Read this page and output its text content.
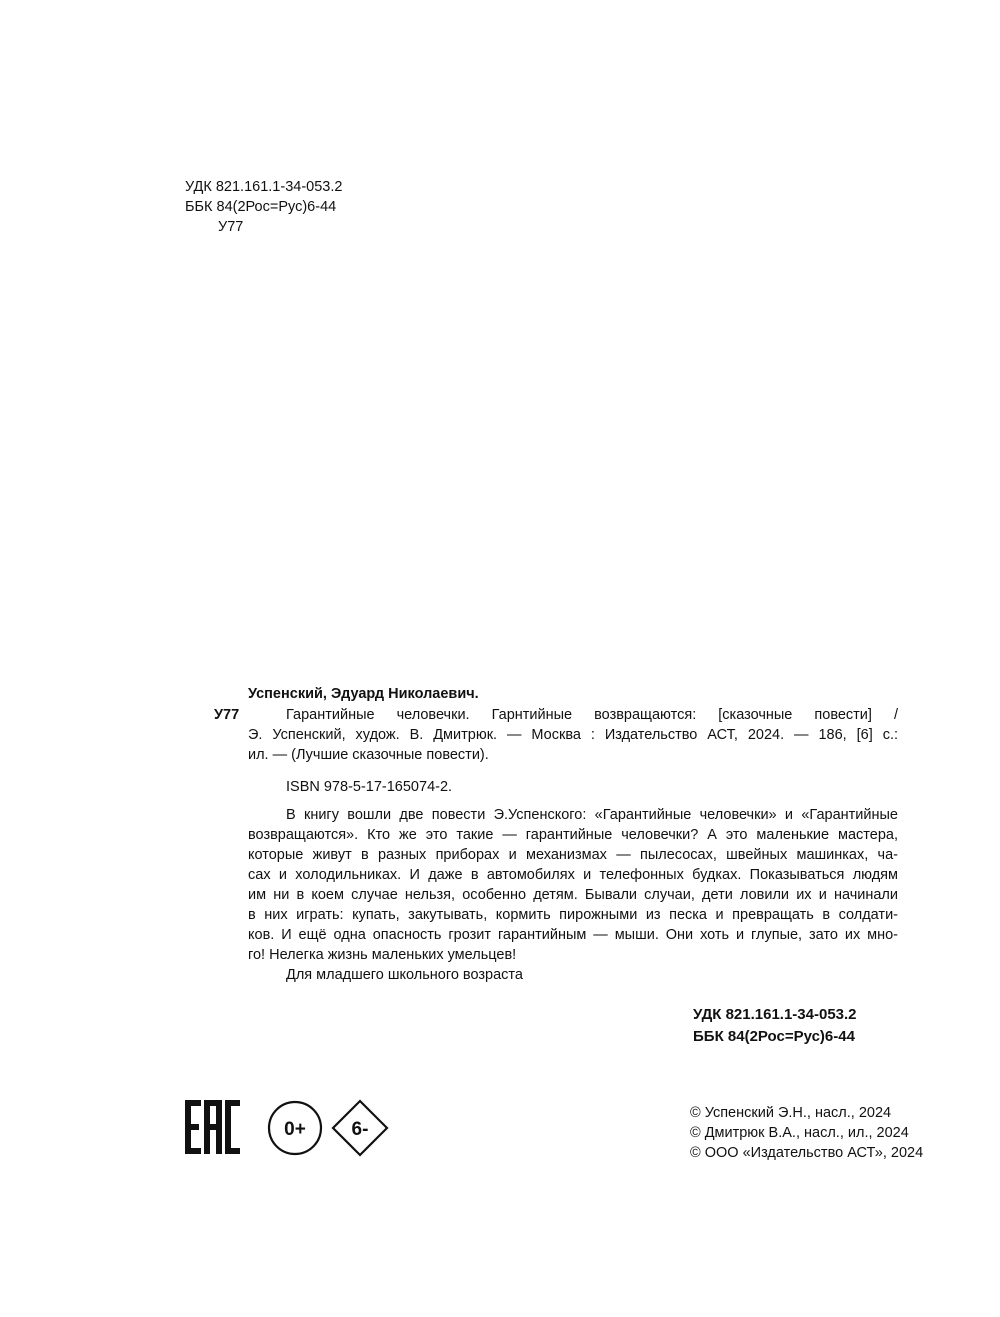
УДК 821.161.1-34-053.2
ББК 84(2Рос=Рус)6-44
У77
Успенский, Эдуард Николаевич.
У77	Гарантийные человечки. Гарнтийные возвращаются: [сказочные повести] /
Э. Успенский, худож. В. Дмитрюк. — Москва : Издательство АСТ, 2024. — 186, [6] с.:
ил. — (Лучшие сказочные повести).
ISBN 978-5-17-165074-2.
В книгу вошли две повести Э.Успенского: «Гарантийные человечки» и «Гарантийные
возвращаются». Кто же это такие — гарантийные человечки? А это маленькие мастера,
которые живут в разных приборах и механизмах — пылесосах, швейных машинках, ча-
сах и холодильниках. И даже в автомобилях и телефонных будках. Показываться людям
им ни в коем случае нельзя, особенно детям. Бывали случаи, дети ловили их и начинали
в них играть: купать, закутывать, кормить пирожными из песка и превращать в солдати-
ков. И ещё одна опасность грозит гарантийным — мыши. Они хоть и глупые, зато их мно-
го! Нелегка жизнь маленьких умельцев!
Для младшего школьного возраста
УДК 821.161.1-34-053.2
ББК 84(2Рос=Рус)6-44
0+ 6-
© Успенский Э.Н., насл., 2024
© Дмитрюк В.А., насл., ил., 2024
© ООО «Издательство АСТ», 2024
